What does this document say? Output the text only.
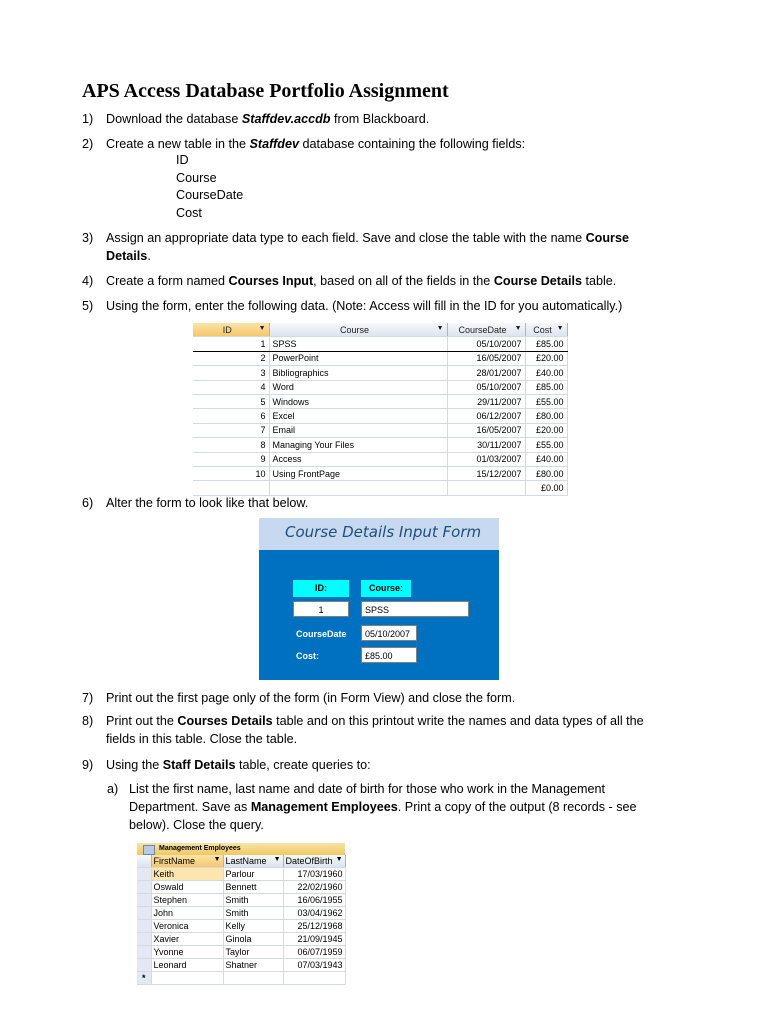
APS Access Database Portfolio Assignment
1) Download the database Staffdev.accdb from Blackboard.
2) Create a new table in the Staffdev database containing the following fields:
ID
Course
CourseDate
Cost
3) Assign an appropriate data type to each field. Save and close the table with the name Course Details.
4) Create a form named Courses Input, based on all of the fields in the Course Details table.
5) Using the form, enter the following data. (Note: Access will fill in the ID for you automatically.)
ID ▼	Course ▼	CourseDate ▼	Cost ▼

1	SPSS	05/10/2007	£85.00
2	PowerPoint	16/05/2007	£20.00
3	Bibliographics	28/01/2007	£40.00
4	Word	05/10/2007	£85.00
5	Windows	29/11/2007	£55.00
6	Excel	06/12/2007	£80.00
7	Email	16/05/2007	£20.00
8	Managing Your Files	30/11/2007	£55.00
9	Access	01/03/2007	£40.00
10	Using FrontPage	15/12/2007	£80.00
			£0.00
6) Alter the form to look like that below.
Course Details Input Form
ID:	Course:
1	SPSS
CourseDate	05/10/2007
Cost:	£85.00
7) Print out the first page only of the form (in Form View) and close the form.
8) Print out the Courses Details table and on this printout write the names and data types of all the fields in this table. Close the table.
9) Using the Staff Details table, create queries to:
a) List the first name, last name and date of birth for those who work in the Management Department. Save as Management Employees. Print a copy of the output (8 records - see below). Close the query.
Management Employees
	FirstName ▼	LastName ▼	DateOfBirth ▼

	Keith	Parlour	17/03/1960
	Oswald	Bennett	22/02/1960
	Stephen	Smith	16/06/1955
	John	Smith	03/04/1962
	Veronica	Kelly	25/12/1968
	Xavier	Ginola	21/09/1945
	Yvonne	Taylor	06/07/1959
	Leonard	Shatner	07/03/1943
*			
